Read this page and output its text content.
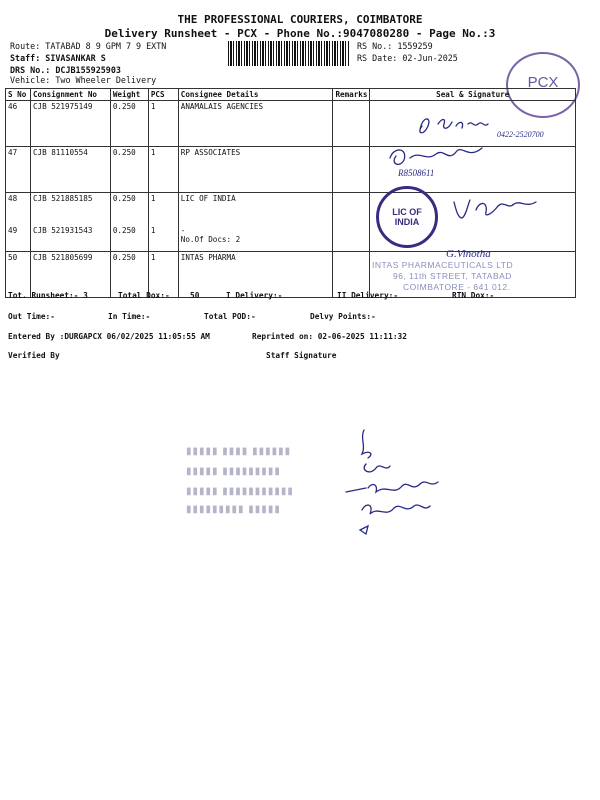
THE PROFESSIONAL COURIERS, COIMBATORE
Delivery Runsheet - PCX - Phone No.:9047080280 - Page No.:3
Route: TATABAD 8 9 GPM 7 9 EXTN
Staff: SIVASANKAR S
DRS No.: DCJB155925903
Vehicle: Two Wheeler Delivery
RS No.: 1559259
RS Date: 02-Jun-2025
PCX
S No	Consignment No	Weight	PCS	Consignee Details	Remarks	Seal & Signature
46	CJB 521975149	0.250	1	ANAMALAIS AGENCIES		
47	CJB 81110554	0.250	1	RP ASSOCIATES		
48	CJB 521885185	0.250	1	LIC OF INDIA		
49	CJB 521931543	0.250	1	-
No.Of Docs: 2		

50	CJB 521805699	0.250	1	INTAS PHARMA		
0422-2520700
R8508611
LIC OF INDIA
INTAS PHARMACEUTICALS LTD
96, 11th STREET, TATABAD
COIMBATORE - 641 012.
G.Vinotha
Tot. Runsheet:- 3	Total Dox:-	50	I Delivery:-	II Delivery:-	RTN Dox:-
Out Time:-	In Time:-	Total POD:-	Delvy Points:-
Entered By :DURGAPCX 06/02/2025 11:05:55 AM	Reprinted on: 02-06-2025 11:11:32
Verified By	Staff Signature
▮▮▮▮▮ ▮▮▮▮ ▮▮▮▮▮▮
▮▮▮▮▮ ▮▮▮▮▮▮▮▮▮
▮▮▮▮▮ ▮▮▮▮▮▮▮▮▮▮▮
▮▮▮▮▮▮▮▮▮ ▮▮▮▮▮
